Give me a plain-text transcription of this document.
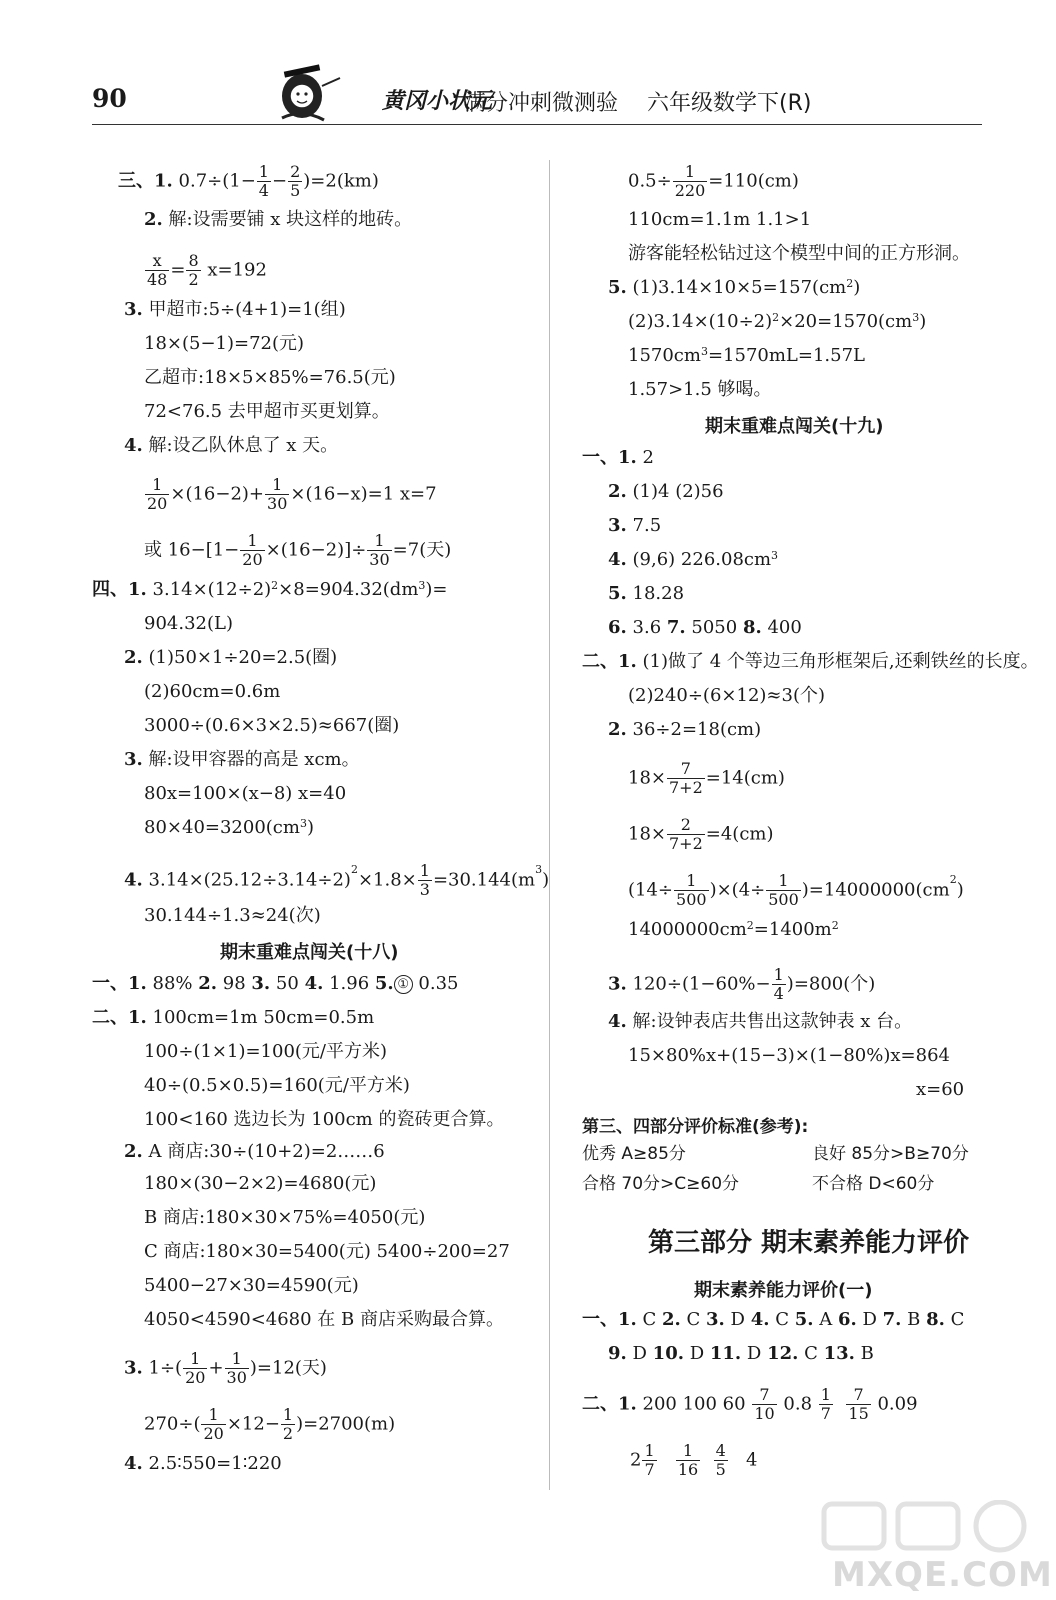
90	黄冈小状元
满分冲刺微测验 六年级数学下(R)
三、1. $0.7\div(1- \frac{1}{4} - \frac{2}{5} )=2(km)$
2. 解:设需要铺 x 块这样的地砖。
$\frac{x}{48} = \frac{8}{2} x=192$
3. 甲超市:5÷(4+1)=1(组)
18×(5−1)=72(元)
乙超市:18×5×85%=76.5(元)
72<76.5 去甲超市买更划算。
4. 解:设乙队休息了 x 天。
$\frac{1}{20} \times(16-2)+ \frac{1}{30} \times(16-x)=1$ x=7
或 $16-[1- \frac{1}{20} \times(16-2)]\div \frac{1}{30} =7$(天)
四、1. $3.14\times(12\div 2)^2\times 8=904.32(dm^3)=$
904.32(L)
2. (1)50×1÷20=2.5(圈)
(2)60cm=0.6m
3000÷(0.6×3×2.5)≈667(圈)
3. 解:设甲容器的高是 xcm。
80x=100×(x−8) x=40
$80\times 40=3200(cm^3)$
4. $3.14\times(25.12\div 3.14\div 2)^2\times 1.8\times \frac{1}{3} =30.144(m^3)$
30.144÷1.3≈24(次)
期末重难点闯关(十八)
一、1. 88% 2. 98 3. 50 4. 1.96 5. ① 0.35
二、1. 100cm=1m 50cm=0.5m
100÷(1×1)=100(元/平方米)
40÷(0.5×0.5)=160(元/平方米)
100<160 选边长为 100cm 的瓷砖更合算。
2. A 商店:30÷(10+2)=2……6
180×(30−2×2)=4680(元)
B 商店:180×30×75%=4050(元)
C 商店:180×30=5400(元) 5400÷200=27
5400−27×30=4590(元)
4050<4590<4680 在 B 商店采购最合算。
3. $1\div( \frac{1}{20} + \frac{1}{30} )=12$(天)
$270\div( \frac{1}{20} \times 12- \frac{1}{2} )=2700(m)$
4. 2.5∶550=1∶220
$0.5\div \frac{1}{220} =110(cm)$
110cm=1.1m 1.1>1
游客能轻松钻过这个模型中间的正方形洞。
5. $(1)3.14\times 10\times 5=157(cm^2)$
$(2)3.14\times(10\div 2)^2\times 20=1570(cm^3)$
$1570cm^3=1570mL=1.57L$
1.57>1.5 够喝。
期末重难点闯关(十九)
一、1. 2
2. (1)4 (2)56
3. 7.5
4. (9,6) $226.08cm^3$
5. 18.28
6. 3.6 7. 5050 8. 400
二、1. (1)做了 4 个等边三角形框架后,还剩铁丝的长度。
(2)240÷(6×12)≈3(个)
2. 36÷2=18(cm)
$18\times \frac{7}{7+2} =14(cm)$
$18\times \frac{2}{7+2} =4(cm)$
$(14\div \frac{1}{500} )\times(4\div \frac{1}{500} )=14000000(cm^2)$
$14000000cm^2=1400m^2$
3. $120\div(1-60\%- \frac{1}{4} )=800$(个)
4. 解:设钟表店共售出这款钟表 x 台。
15×80%x+(15−3)×(1−80%)x=864
x=60
第三、四部分评价标准(参考):
优秀 A≥85分	良好 85分>B≥70分
合格 70分>C≥60分	不合格 D<60分
第三部分 期末素养能力评价
期末素养能力评价(一)
一、1. C 2. C 3. D 4. C 5. A 6. D 7. B 8. C
9. D 10. D 11. D 12. C 13. B
二、1. 200 100 $60 \frac{7}{10} 0.8 \frac{1}{7}$
$\frac{7}{15} 0.09$
$2 \frac{1}{7}$
$\frac{1}{16}$
$\frac{4}{5} 4$
MXQE.COM
